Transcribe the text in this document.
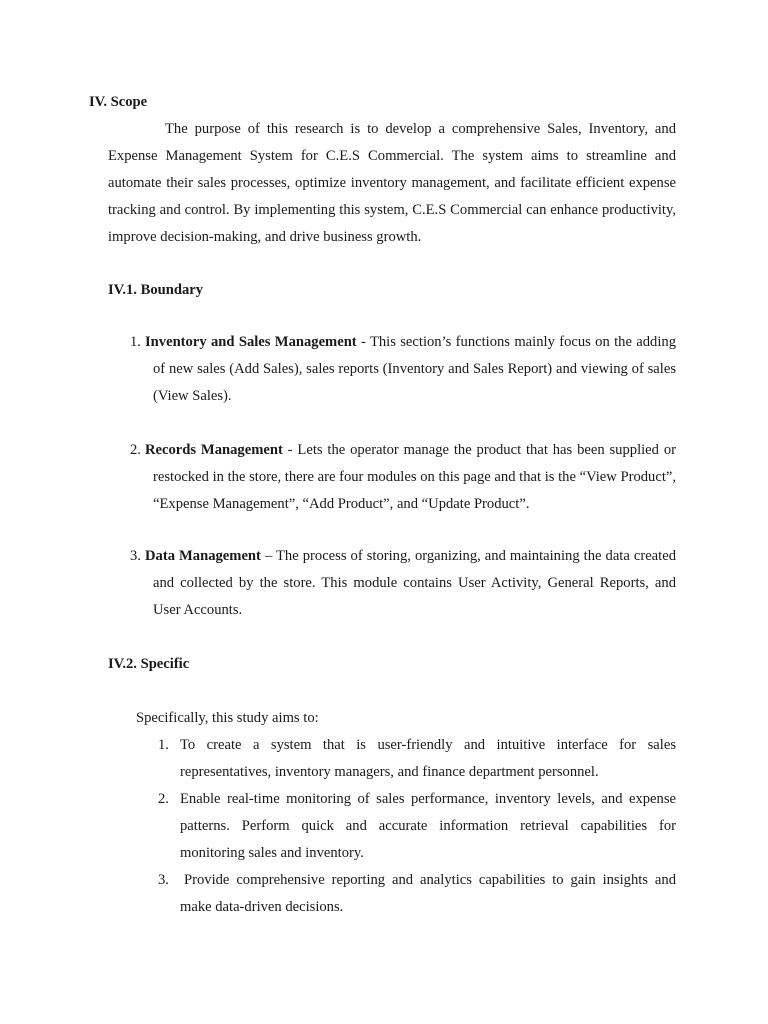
IV. Scope
The purpose of this research is to develop a comprehensive Sales, Inventory, and Expense Management System for C.E.S Commercial. The system aims to streamline and automate their sales processes, optimize inventory management, and facilitate efficient expense tracking and control. By implementing this system, C.E.S Commercial can enhance productivity, improve decision-making, and drive business growth.
IV.1. Boundary
1. Inventory and Sales Management - This section’s functions mainly focus on the adding of new sales (Add Sales), sales reports (Inventory and Sales Report) and viewing of sales (View Sales).
2. Records Management - Lets the operator manage the product that has been supplied or restocked in the store, there are four modules on this page and that is the “View Product”, “Expense Management”, “Add Product”, and “Update Product”.
3. Data Management – The process of storing, organizing, and maintaining the data created and collected by the store. This module contains User Activity, General Reports, and User Accounts.
IV.2. Specific
Specifically, this study aims to:
1. To create a system that is user-friendly and intuitive interface for sales representatives, inventory managers, and finance department personnel.
2. Enable real-time monitoring of sales performance, inventory levels, and expense patterns. Perform quick and accurate information retrieval capabilities for monitoring sales and inventory.
3. Provide comprehensive reporting and analytics capabilities to gain insights and make data-driven decisions.
